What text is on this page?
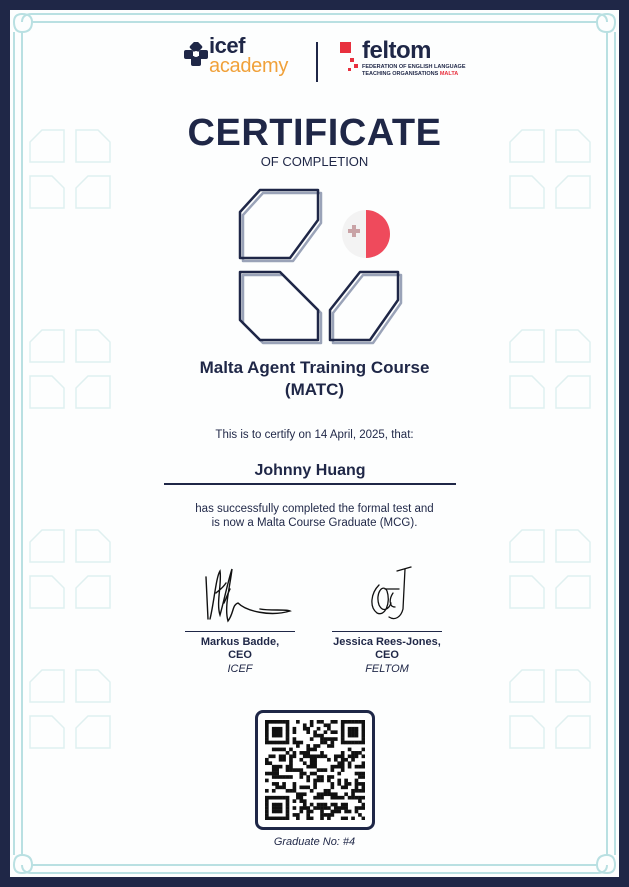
icef
academy
feltom
FEDERATION OF ENGLISH LANGUAGE
TEACHING ORGANISATIONS MALTA
CERTIFICATE
OF COMPLETION
Malta Agent Training Course
(MATC)
This is to certify on 14 April, 2025, that:
Johnny Huang
has successfully completed the formal test and
is now a Malta Course Graduate (MCG).
Markus Badde,
CEO
ICEF
Jessica Rees-Jones,
CEO
FELTOM
Graduate No: #4
